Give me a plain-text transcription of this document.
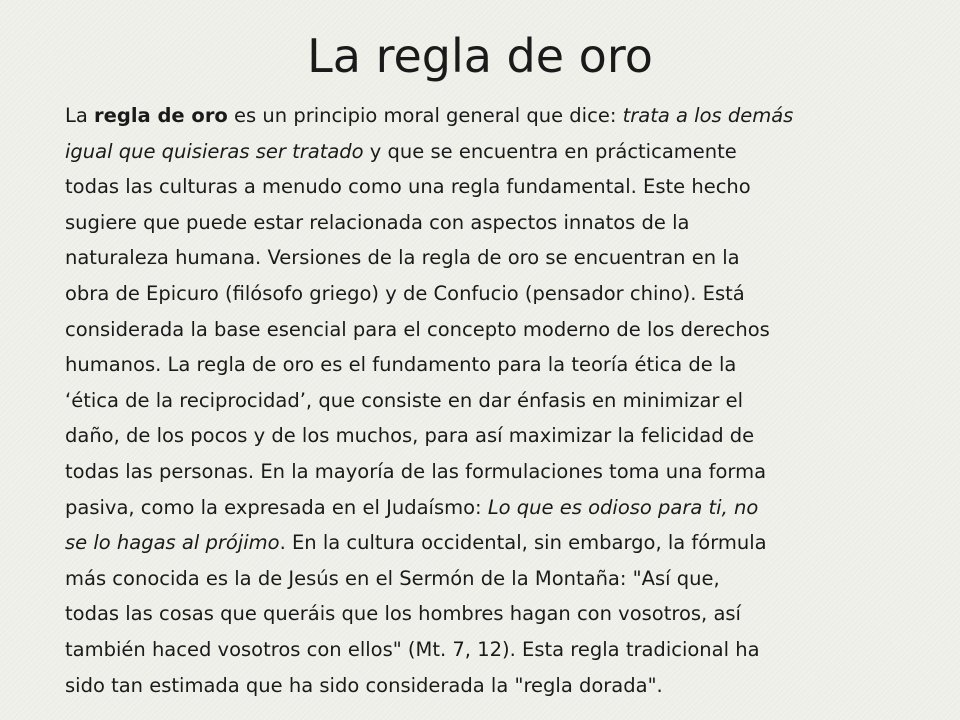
La regla de oro
La regla de oro es un principio moral general que dice: trata a los demás
igual que quisieras ser tratado y que se encuentra en prácticamente
todas las culturas a menudo como una regla fundamental. Este hecho
sugiere que puede estar relacionada con aspectos innatos de la
naturaleza humana. Versiones de la regla de oro se encuentran en la
obra de Epicuro (filósofo griego) y de Confucio (pensador chino). Está
considerada la base esencial para el concepto moderno de los derechos
humanos. La regla de oro es el fundamento para la teoría ética de la
‘ética de la reciprocidad’, que consiste en dar énfasis en minimizar el
daño, de los pocos y de los muchos, para así maximizar la felicidad de
todas las personas. En la mayoría de las formulaciones toma una forma
pasiva, como la expresada en el Judaísmo: Lo que es odioso para ti, no
se lo hagas al prójimo. En la cultura occidental, sin embargo, la fórmula
más conocida es la de Jesús en el Sermón de la Montaña: "Así que,
todas las cosas que queráis que los hombres hagan con vosotros, así
también haced vosotros con ellos" (Mt. 7, 12). Esta regla tradicional ha
sido tan estimada que ha sido considerada la "regla dorada".
